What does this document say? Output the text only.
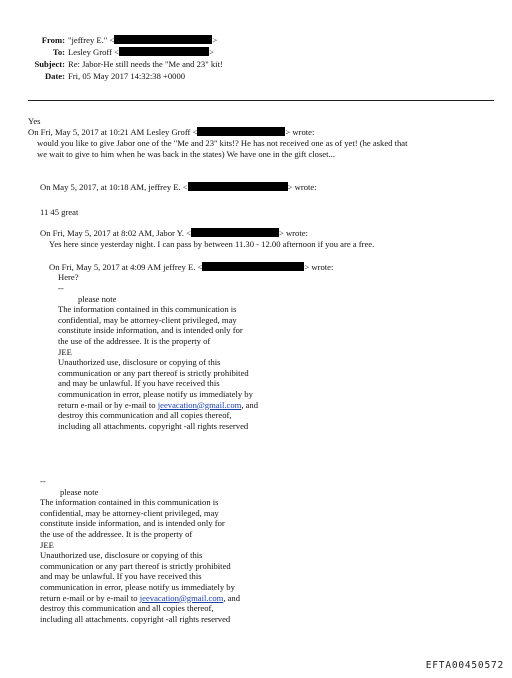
From: "jeffrey E." <	>
To: Lesley Groff <	>
Subject: Re: Jabor-He still needs the "Me and 23" kit!
Date: Fri, 05 May 2017 14:32:38 +0000
Yes
On Fri, May 5, 2017 at 10:21 AM Lesley Groff <	> wrote:
would you like to give Jabor one of the "Me and 23" kits!? He has not received one as of yet! (he asked that
we wait to give to him when he was back in the states) We have one in the gift closet...
On May 5, 2017, at 10:18 AM, jeffrey E. <	> wrote:
11 45 great
On Fri, May 5, 2017 at 8:02 AM, Jabor Y. <	> wrote:
Yes here since yesterday night. I can pass by between 11.30 - 12.00 afternoon if you are a free.
On Fri, May 5, 2017 at 4:09 AM jeffrey E. <	> wrote:
Here?
--
please note
The information contained in this communication is
confidential, may be attorney-client privileged, may
constitute inside information, and is intended only for
the use of the addressee. It is the property of
JEE
Unauthorized use, disclosure or copying of this
communication or any part thereof is strictly prohibited
and may be unlawful. If you have received this
communication in error, please notify us immediately by
return e-mail or by e-mail to jeevacation@gmail.com, and
destroy this communication and all copies thereof,
including all attachments. copyright -all rights reserved
--
please note
The information contained in this communication is
confidential, may be attorney-client privileged, may
constitute inside information, and is intended only for
the use of the addressee. It is the property of
JEE
Unauthorized use, disclosure or copying of this
communication or any part thereof is strictly prohibited
and may be unlawful. If you have received this
communication in error, please notify us immediately by
return e-mail or by e-mail to jeevacation@gmail.com, and
destroy this communication and all copies thereof,
including all attachments. copyright -all rights reserved
EFTA00450572
